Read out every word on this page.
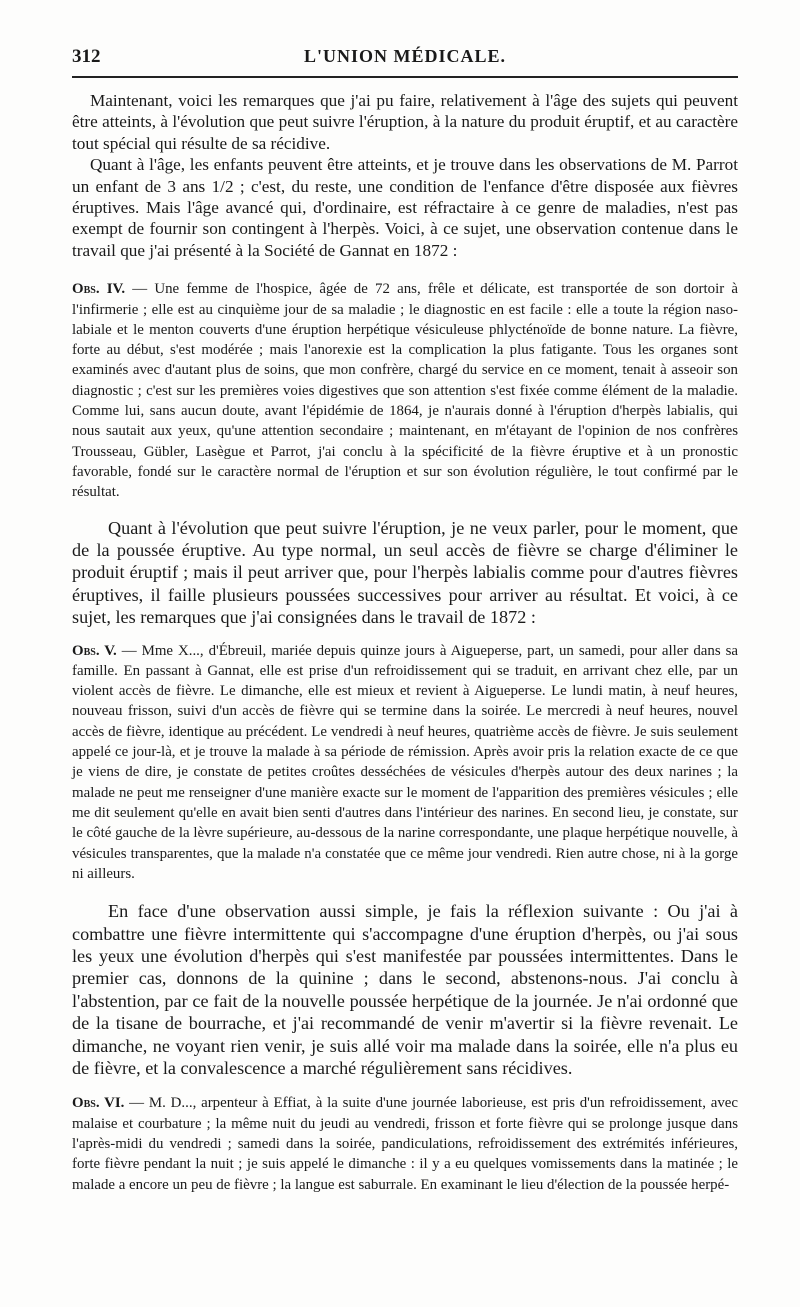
312	L'UNION MÉDICALE.

Maintenant, voici les remarques que j'ai pu faire, relativement à l'âge des sujets qui peuvent être atteints, à l'évolution que peut suivre l'éruption, à la nature du produit éruptif, et au caractère tout spécial qui résulte de sa récidive.

Quant à l'âge, les enfants peuvent être atteints, et je trouve dans les observations de M. Parrot un enfant de 3 ans 1/2 ; c'est, du reste, une condition de l'enfance d'être disposée aux fièvres éruptives. Mais l'âge avancé qui, d'ordinaire, est réfractaire à ce genre de maladies, n'est pas exempt de fournir son contingent à l'herpès. Voici, à ce sujet, une observation contenue dans le travail que j'ai présenté à la Société de Gannat en 1872 :

Obs. IV. — Une femme de l'hospice, âgée de 72 ans, frêle et délicate, est transportée de son dortoir à l'infirmerie ; elle est au cinquième jour de sa maladie ; le diagnostic en est facile : elle a toute la région naso-labiale et le menton couverts d'une éruption herpétique vésiculeuse phlycténoïde de bonne nature. La fièvre, forte au début, s'est modérée ; mais l'anorexie est la complication la plus fatigante. Tous les organes sont examinés avec d'autant plus de soins, que mon confrère, chargé du service en ce moment, tenait à asseoir son diagnostic ; c'est sur les premières voies digestives que son attention s'est fixée comme élément de la maladie. Comme lui, sans aucun doute, avant l'épidémie de 1864, je n'aurais donné à l'éruption d'herpès labialis, qui nous sautait aux yeux, qu'une attention secondaire ; maintenant, en m'étayant de l'opinion de nos confrères Trousseau, Gübler, Lasègue et Parrot, j'ai conclu à la spécificité de la fièvre éruptive et à un pronostic favorable, fondé sur le caractère normal de l'éruption et sur son évolution régulière, le tout confirmé par le résultat.

Quant à l'évolution que peut suivre l'éruption, je ne veux parler, pour le moment, que de la poussée éruptive. Au type normal, un seul accès de fièvre se charge d'éliminer le produit éruptif ; mais il peut arriver que, pour l'herpès labialis comme pour d'autres fièvres éruptives, il faille plusieurs poussées successives pour arriver au résultat. Et voici, à ce sujet, les remarques que j'ai consignées dans le travail de 1872 :

Obs. V. — Mme X..., d'Ébreuil, mariée depuis quinze jours à Aigueperse, part, un samedi, pour aller dans sa famille. En passant à Gannat, elle est prise d'un refroidissement qui se traduit, en arrivant chez elle, par un violent accès de fièvre. Le dimanche, elle est mieux et revient à Aigueperse. Le lundi matin, à neuf heures, nouveau frisson, suivi d'un accès de fièvre qui se termine dans la soirée. Le mercredi à neuf heures, nouvel accès de fièvre, identique au précédent. Le vendredi à neuf heures, quatrième accès de fièvre. Je suis seulement appelé ce jour-là, et je trouve la malade à sa période de rémission. Après avoir pris la relation exacte de ce que je viens de dire, je constate de petites croûtes desséchées de vésicules d'herpès autour des deux narines ; la malade ne peut me renseigner d'une manière exacte sur le moment de l'apparition des premières vésicules ; elle me dit seulement qu'elle en avait bien senti d'autres dans l'intérieur des narines. En second lieu, je constate, sur le côté gauche de la lèvre supérieure, au-dessous de la narine correspondante, une plaque herpétique nouvelle, à vésicules transparentes, que la malade n'a constatée que ce même jour vendredi. Rien autre chose, ni à la gorge ni ailleurs.

En face d'une observation aussi simple, je fais la réflexion suivante : Ou j'ai à combattre une fièvre intermittente qui s'accompagne d'une éruption d'herpès, ou j'ai sous les yeux une évolution d'herpès qui s'est manifestée par poussées intermittentes. Dans le premier cas, donnons de la quinine ; dans le second, abstenons-nous. J'ai conclu à l'abstention, par ce fait de la nouvelle poussée herpétique de la journée. Je n'ai ordonné que de la tisane de bourrache, et j'ai recommandé de venir m'avertir si la fièvre revenait. Le dimanche, ne voyant rien venir, je suis allé voir ma malade dans la soirée, elle n'a plus eu de fièvre, et la convalescence a marché régulièrement sans récidives.

Obs. VI. — M. D..., arpenteur à Effiat, à la suite d'une journée laborieuse, est pris d'un refroidissement, avec malaise et courbature ; la même nuit du jeudi au vendredi, frisson et forte fièvre qui se prolonge jusque dans l'après-midi du vendredi ; samedi dans la soirée, pandiculations, refroidissement des extrémités inférieures, forte fièvre pendant la nuit ; je suis appelé le dimanche : il y a eu quelques vomissements dans la matinée ; le malade a encore un peu de fièvre ; la langue est saburrale. En examinant le lieu d'élection de la poussée herpé-
